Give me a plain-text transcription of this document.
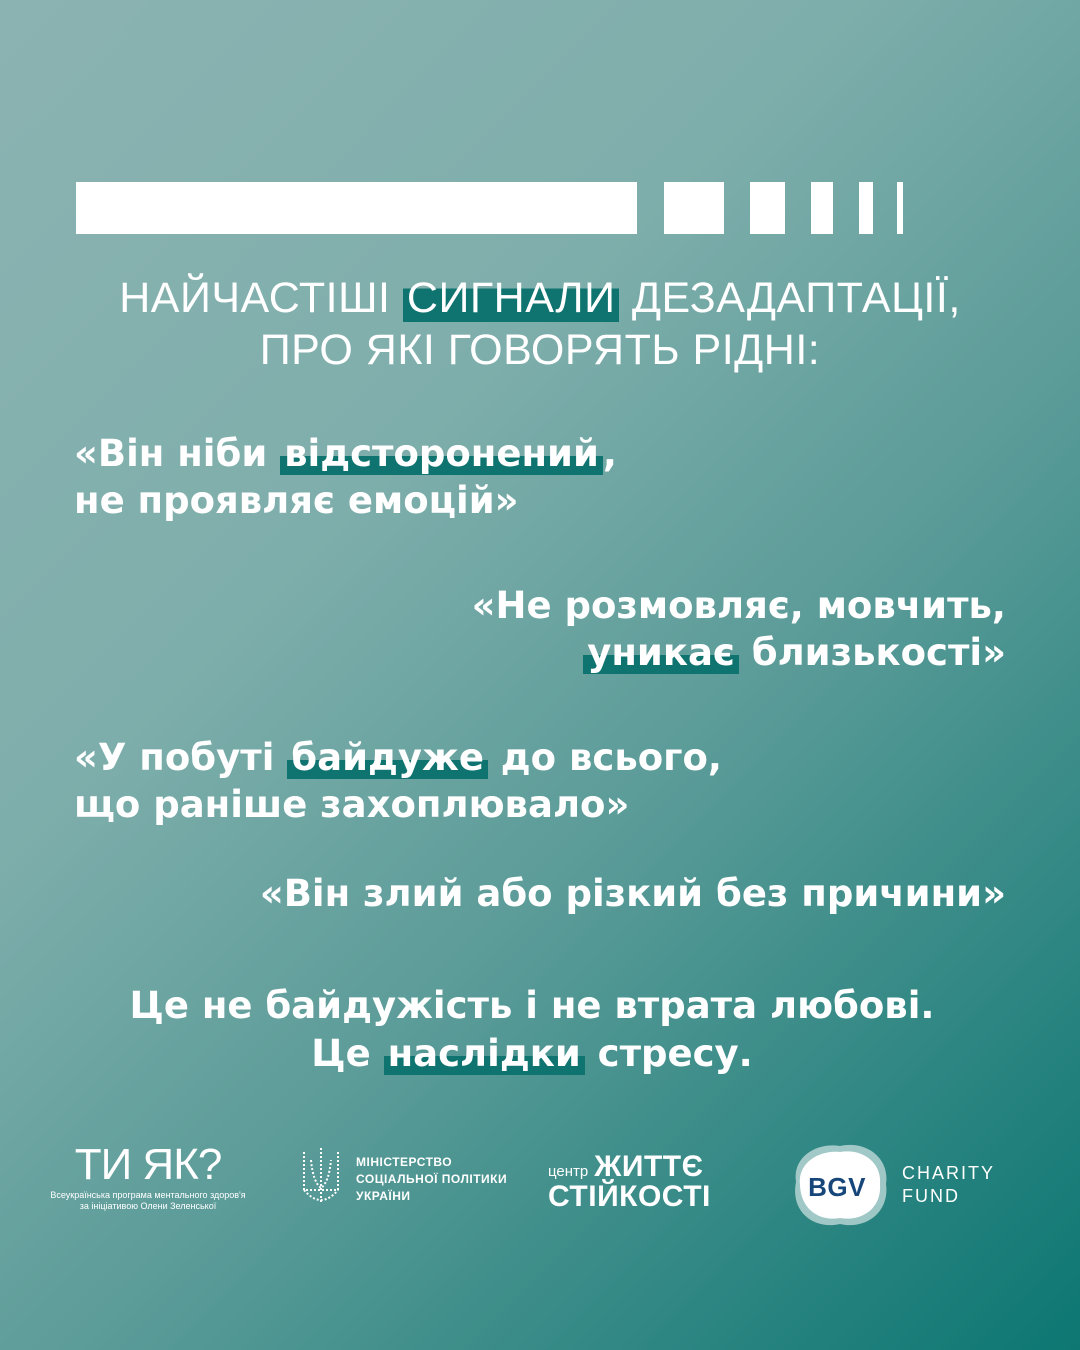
НАЙЧАСТІШІ СИГНАЛИ ДЕЗАДАПТАЦІЇ,
ПРО ЯКІ ГОВОРЯТЬ РІДНІ:

«Він ніби відсторонений ,
не проявляє емоцій»

«Не розмовляє, мовчить,
уникає близькості»

«У побуті байдуже до всього,
що раніше захоплювало»

«Він злий або різкий без причини»

Це не байдужість і не втрата любові.
Це наслідки стресу.

ТИ ЯК?
Всеукраїнська програма ментального здоров'я
за ініціативою Олени Зеленської
МІНІСТЕРСТВО
СОЦІАЛЬНОЇ ПОЛІТИКИ
УКРАЇНИ
центр ЖИТТЄ
СТІЙКОСТІ	BGV	CHARITY
FUND
